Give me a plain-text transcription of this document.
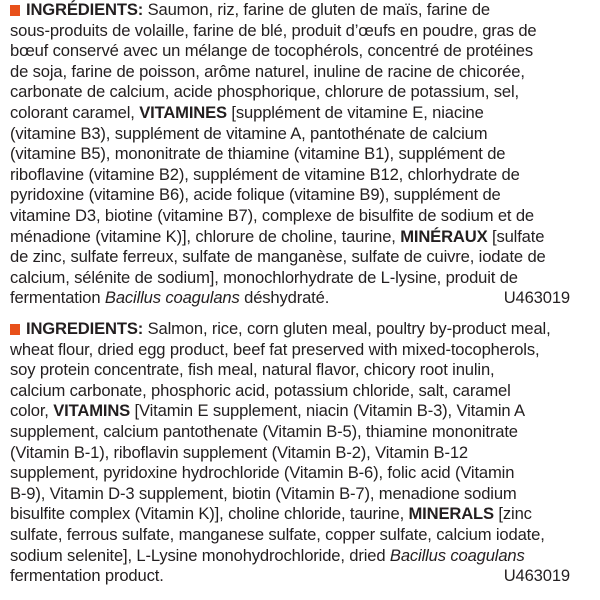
INGRÉDIENTS: Saumon, riz, farine de gluten de maïs, farine de
sous-produits de volaille, farine de blé, produit d’œufs en poudre, gras de
bœuf conservé avec un mélange de tocophérols, concentré de protéines
de soja, farine de poisson, arôme naturel, inuline de racine de chicorée,
carbonate de calcium, acide phosphorique, chlorure de potassium, sel,
colorant caramel, VITAMINES [supplément de vitamine E, niacine
(vitamine B3), supplément de vitamine A, pantothénate de calcium
(vitamine B5), mononitrate de thiamine (vitamine B1), supplément de
riboflavine (vitamine B2), supplément de vitamine B12, chlorhydrate de
pyridoxine (vitamine B6), acide folique (vitamine B9), supplément de
vitamine D3, biotine (vitamine B7), complexe de bisulfite de sodium et de
ménadione (vitamine K)], chlorure de choline, taurine, MINÉRAUX [sulfate
de zinc, sulfate ferreux, sulfate de manganèse, sulfate de cuivre, iodate de
calcium, sélénite de sodium], monochlorhydrate de L-lysine, produit de
fermentation Bacillus coagulans déshydraté.	U463019
INGREDIENTS: Salmon, rice, corn gluten meal, poultry by-product meal,
wheat flour, dried egg product, beef fat preserved with mixed-tocopherols,
soy protein concentrate, fish meal, natural flavor, chicory root inulin,
calcium carbonate, phosphoric acid, potassium chloride, salt, caramel
color, VITAMINS [Vitamin E supplement, niacin (Vitamin B-3), Vitamin A
supplement, calcium pantothenate (Vitamin B-5), thiamine mononitrate
(Vitamin B-1), riboflavin supplement (Vitamin B-2), Vitamin B-12
supplement, pyridoxine hydrochloride (Vitamin B-6), folic acid (Vitamin
B-9), Vitamin D-3 supplement, biotin (Vitamin B-7), menadione sodium
bisulfite complex (Vitamin K)], choline chloride, taurine, MINERALS [zinc
sulfate, ferrous sulfate, manganese sulfate, copper sulfate, calcium iodate,
sodium selenite], L-Lysine monohydrochloride, dried Bacillus coagulans
fermentation product.	U463019
